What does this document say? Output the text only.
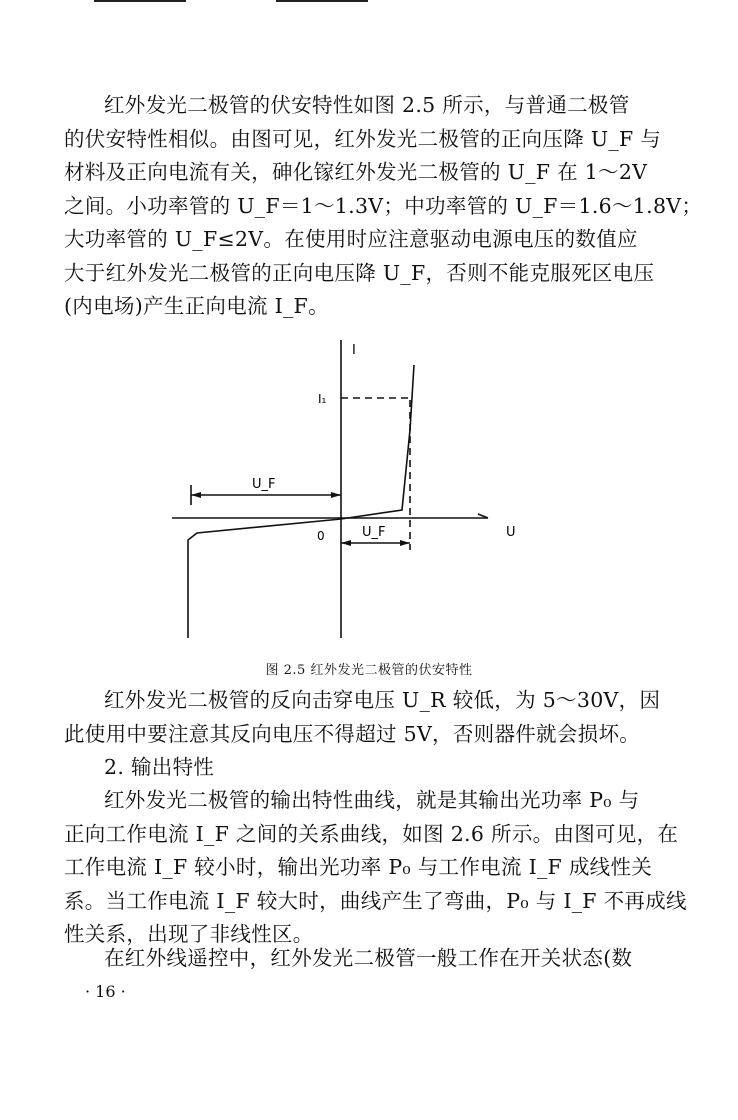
红外发光二极管的伏安特性如图 2.5 所示，与普通二极管
的伏安特性相似。由图可见，红外发光二极管的正向压降 U_F 与
材料及正向电流有关，砷化镓红外发光二极管的 U_F 在 1～2V
之间。小功率管的 U_F＝1～1.3V；中功率管的 U_F＝1.6～1.8V；
大功率管的 U_F≤2V。在使用时应注意驱动电源电压的数值应
大于红外发光二极管的正向电压降 U_F，否则不能克服死区电压
(内电场)产生正向电流 I_F。
I
U
0
I₁
U_F
U_F
图 2.5 红外发光二极管的伏安特性
红外发光二极管的反向击穿电压 U_R 较低，为 5～30V，因
此使用中要注意其反向电压不得超过 5V，否则器件就会损坏。
2. 输出特性
红外发光二极管的输出特性曲线，就是其输出光功率 P₀ 与
正向工作电流 I_F 之间的关系曲线，如图 2.6 所示。由图可见，在
工作电流 I_F 较小时，输出光功率 P₀ 与工作电流 I_F 成线性关
系。当工作电流 I_F 较大时，曲线产生了弯曲，P₀ 与 I_F 不再成线
性关系，出现了非线性区。
在红外线遥控中，红外发光二极管一般工作在开关状态(数
· 16 ·
